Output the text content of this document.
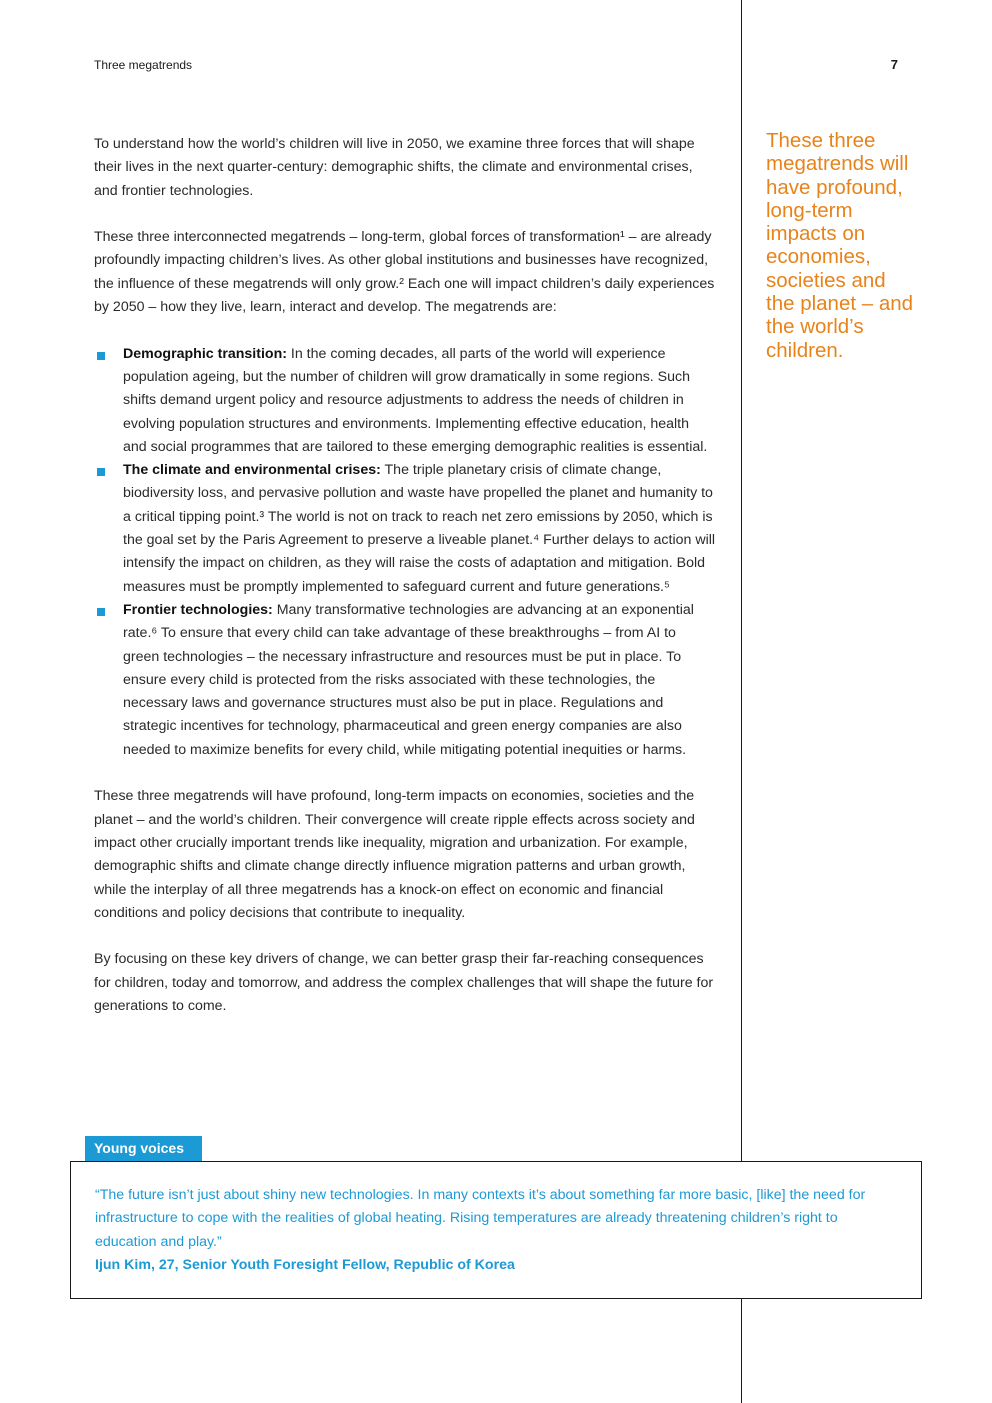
Three megatrends	7

To understand how the world’s children will live in 2050, we examine three forces that will shape their lives in the next quarter-century: demographic shifts, the climate and environmental crises, and frontier technologies.

These three interconnected megatrends – long-term, global forces of transformation¹ – are already profoundly impacting children’s lives. As other global institutions and businesses have recognized, the influence of these megatrends will only grow.² Each one will impact children’s daily experiences by 2050 – how they live, learn, interact and develop. The megatrends are:

Demographic transition: In the coming decades, all parts of the world will experience population ageing, but the number of children will grow dramatically in some regions. Such shifts demand urgent policy and resource adjustments to address the needs of children in evolving population structures and environments. Implementing effective education, health and social programmes that are tailored to these emerging demographic realities is essential.
The climate and environmental crises: The triple planetary crisis of climate change, biodiversity loss, and pervasive pollution and waste have propelled the planet and humanity to a critical tipping point.³ The world is not on track to reach net zero emissions by 2050, which is the goal set by the Paris Agreement to preserve a liveable planet.⁴ Further delays to action will intensify the impact on children, as they will raise the costs of adaptation and mitigation. Bold measures must be promptly implemented to safeguard current and future generations.⁵
Frontier technologies: Many transformative technologies are advancing at an exponential rate.⁶ To ensure that every child can take advantage of these breakthroughs – from AI to green technologies – the necessary infrastructure and resources must be put in place. To ensure every child is protected from the risks associated with these technologies, the necessary laws and governance structures must also be put in place. Regulations and strategic incentives for technology, pharmaceutical and green energy companies are also needed to maximize benefits for every child, while mitigating potential inequities or harms.

These three megatrends will have profound, long-term impacts on economies, societies and the planet – and the world’s children. Their convergence will create ripple effects across society and impact other crucially important trends like inequality, migration and urbanization. For example, demographic shifts and climate change directly influence migration patterns and urban growth, while the interplay of all three megatrends has a knock-on effect on economic and financial conditions and policy decisions that contribute to inequality.

By focusing on these key drivers of change, we can better grasp their far-reaching consequences for children, today and tomorrow, and address the complex challenges that will shape the future for generations to come.

These three megatrends will have profound, long-term impacts on economies, societies and the planet – and the world’s children.
“The future isn’t just about shiny new technologies. In many contexts it’s about something far more basic, [like] the need for infrastructure to cope with the realities of global heating. Rising temperatures are already threatening children’s right to education and play.”
Ijun Kim, 27, Senior Youth Foresight Fellow, Republic of Korea
Young voices
